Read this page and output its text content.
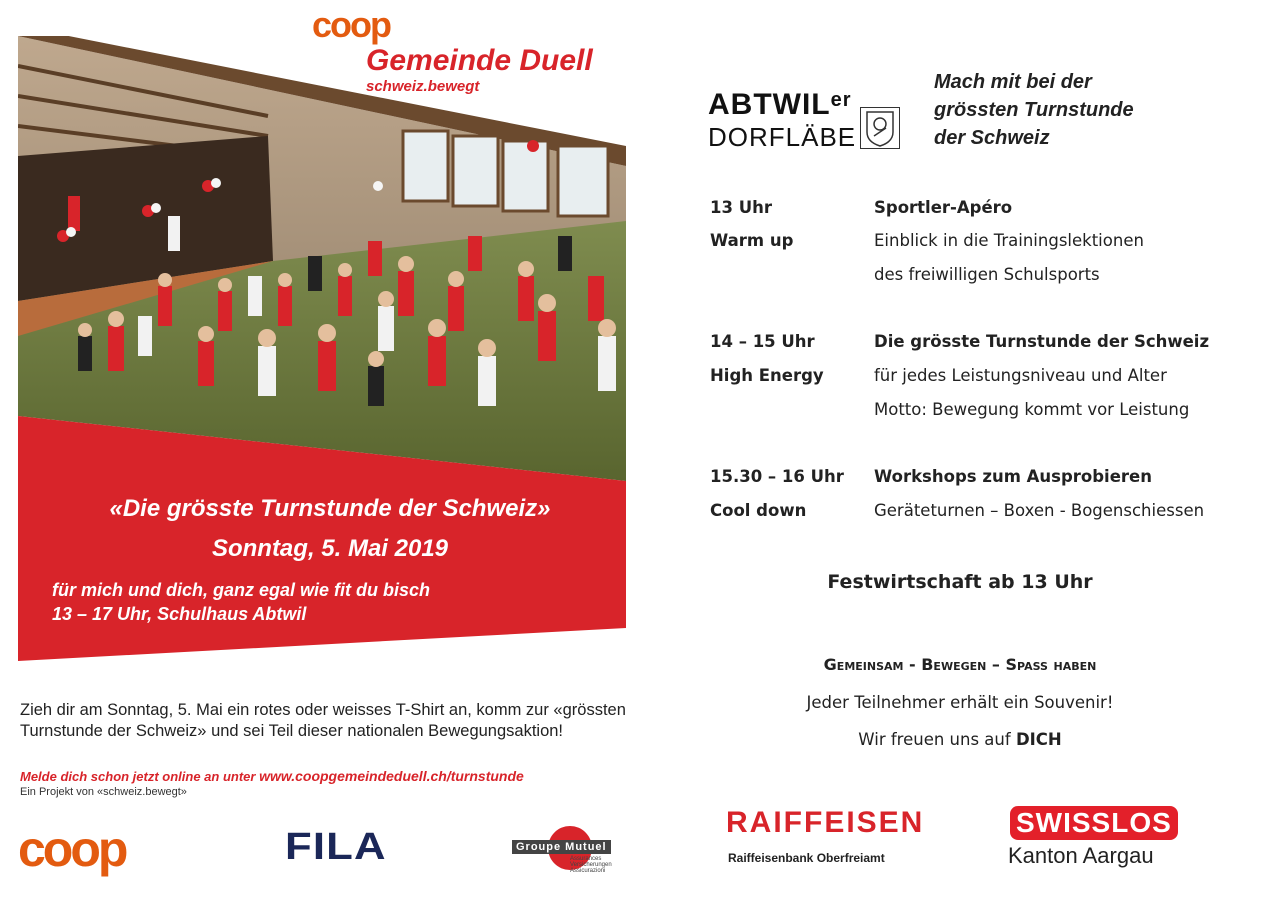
coop
Gemeinde Duell
schweiz.bewegt
«Die grösste Turnstunde der Schweiz»
Sonntag, 5. Mai 2019
für mich und dich, ganz egal wie fit du bisch
13 – 17 Uhr, Schulhaus Abtwil
Zieh dir am Sonntag, 5. Mai ein rotes oder weisses T-Shirt an, komm zur «grössten Turnstunde der Schweiz» und sei Teil dieser nationalen Bewegungsaktion!
Melde dich schon jetzt online an unter www.coopgemeindeduell.ch/turnstunde
Ein Projekt von «schweiz.bewegt»
coop	FILA	Groupe Mutuel
Assurances Versicherungen Assicurazioni
$ABTWIL^{er}$
DORFLÄBE
Mach mit bei der
grössten Turnstunde
der Schweiz
13 Uhr	Sportler-Apéro
Warm up	Einblick in die Trainingslektionen
des freiwilligen Schulsports
14 – 15 Uhr	Die grösste Turnstunde der Schweiz
High Energy	für jedes Leistungsniveau und Alter
Motto: Bewegung kommt vor Leistung
15.30 – 16 Uhr Workshops zum Ausprobieren
Cool down	Geräteturnen – Boxen - Bogenschiessen
Festwirtschaft ab 13 Uhr
Gemeinsam - Bewegen – Spass haben
Jeder Teilnehmer erhält ein Souvenir!
Wir freuen uns auf DICH
RAIFFEISEN
Raiffeisenbank Oberfreiamt
SWISSLOS
Kanton Aargau
